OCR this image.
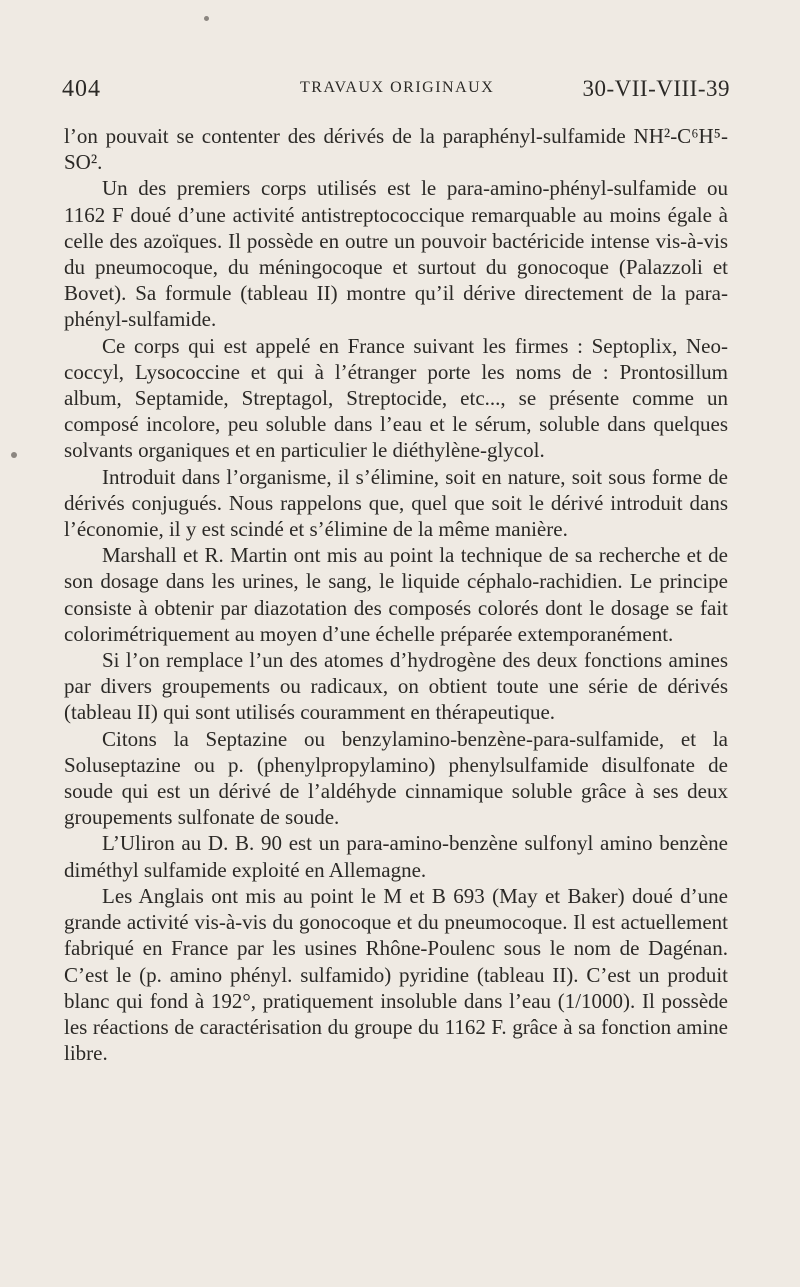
404	TRAVAUX ORIGINAUX	30-VII-VIII-39

l’on pouvait se contenter des dérivés de la paraphényl-sulfamide NH²-C⁶H⁵-SO².

Un des premiers corps utilisés est le para-amino-phényl-sulfamide ou 1162 F doué d’une activité antistreptococcique remarquable au moins égale à celle des azoïques. Il possède en outre un pouvoir bactéricide intense vis-à-vis du pneumocoque, du méningocoque et surtout du gonocoque (Palazzoli et Bovet). Sa formule (tableau II) montre qu’il dérive directement de la para-phényl-sulfamide.

Ce corps qui est appelé en France suivant les firmes : Septoplix, Neo-coccyl, Lysococcine et qui à l’étranger porte les noms de : Prontosillum album, Septamide, Streptagol, Streptocide, etc..., se présente comme un composé incolore, peu soluble dans l’eau et le sérum, soluble dans quelques solvants organiques et en particulier le diéthylène-glycol.

Introduit dans l’organisme, il s’élimine, soit en nature, soit sous forme de dérivés conjugués. Nous rappelons que, quel que soit le dérivé introduit dans l’économie, il y est scindé et s’élimine de la même manière.

Marshall et R. Martin ont mis au point la technique de sa recherche et de son dosage dans les urines, le sang, le liquide céphalo-rachidien. Le principe consiste à obtenir par diazotation des composés colorés dont le dosage se fait colorimétriquement au moyen d’une échelle préparée extemporanément.

Si l’on remplace l’un des atomes d’hydrogène des deux fonctions amines par divers groupements ou radicaux, on obtient toute une série de dérivés (tableau II) qui sont utilisés couramment en thérapeutique.

Citons la Septazine ou benzylamino-benzène-para-sulfamide, et la Soluseptazine ou p. (phenylpropylamino) phenylsulfamide disulfonate de soude qui est un dérivé de l’aldéhyde cinnamique soluble grâce à ses deux groupements sulfonate de soude.

L’Uliron au D. B. 90 est un para-amino-benzène sulfonyl amino benzène diméthyl sulfamide exploité en Allemagne.

Les Anglais ont mis au point le M et B 693 (May et Baker) doué d’une grande activité vis-à-vis du gonocoque et du pneumocoque. Il est actuellement fabriqué en France par les usines Rhône-Poulenc sous le nom de Dagénan. C’est le (p. amino phényl. sulfamido) pyridine (tableau II). C’est un produit blanc qui fond à 192°, pratiquement insoluble dans l’eau (1/1000). Il possède les réactions de caractérisation du groupe du 1162 F. grâce à sa fonction amine libre.
